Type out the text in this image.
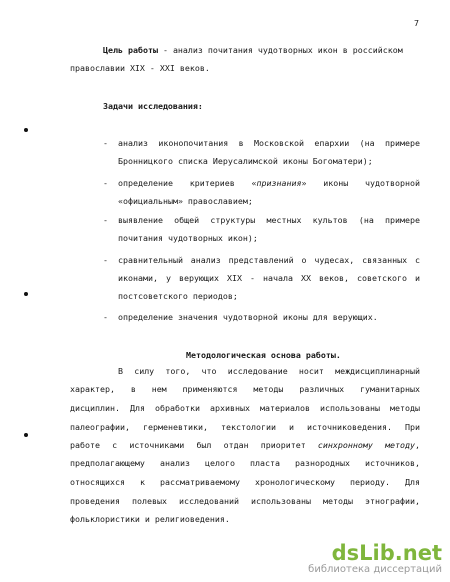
7
Цель работы - анализ почитания чудотворных икон в российском
православии XIX - XXI веков.
Задачи исследования:
- анализ иконопочитания в Московской епархии (на примере
Бронницкого списка Иерусалимской иконы Богоматери);
- определение критериев «признания» иконы чудотворной
«официальным» православием;
- выявление общей структуры местных культов (на примере
почитания чудотворных икон);
- сравнительный анализ представлений о чудесах, связанных с
иконами, у верующих XIX - начала XX веков, советского и
постсоветского периодов;
- определение значения чудотворной иконы для верующих.
Методологическая основа работы.
В силу того, что исследование носит междисциплинарный
характер, в нем применяются методы различных гуманитарных
дисциплин. Для обработки архивных материалов использованы методы
палеографии, герменевтики, текстологии и источниковедения. При
работе с источниками был отдан приоритет синхронному методу,
предполагающему анализ целого пласта разнородных источников,
относящихся к рассматриваемому хронологическому периоду. Для
проведения полевых исследований использованы методы этнографии,
фольклористики и религиоведения.
dsLib.net
библиотека диссертаций
